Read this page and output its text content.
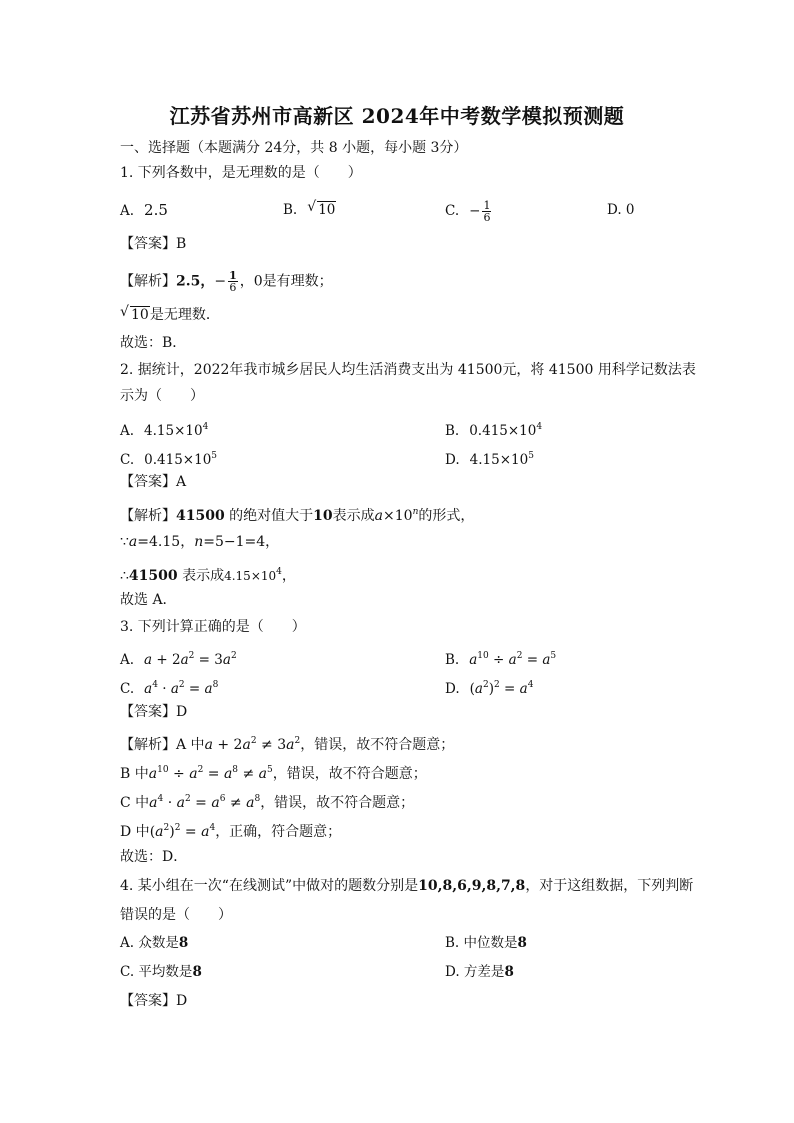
江苏省苏州市高新区 2024年中考数学模拟预测题
一、选择题（本题满分 24分，共 8 小题，每小题 3分）
1. 下列各数中，是无理数的是（　　）
A. 2.5	B. √ 10	C. − $\frac{1}{6}$	D. 0
【答案】B
【解析】2.5，− $\frac{1}{6}$ ，0是有理数；
√ 10是无理数．
故选：B．
2. 据统计，2022年我市城乡居民人均生活消费支出为 41500元，将 41500 用科学记数法表
示为（　　）
A. $4.15\times 10^4$	B. $0.415\times 10^4$
C. $0.415\times 10^5$	D. $4.15\times 10^5$
【答案】A
【解析】41500 的绝对值大于10表示成$a\times 10^n$的形式，
∵a=4.15，n=5−1=4，
∴41500 表示成$4.15\times 10^4$，
故选 A．
3. 下列计算正确的是（　　）
A. $a + 2a^2 = 3a^2$	B. $a^{10} \div a^2 = a^5$
C. $a^4 \cdot a^2 = a^8$	D. $(a^2)^2 = a^4$
【答案】D
【解析】A 中$a + 2a^2 \ne 3a^2$，错误，故不符合题意；
B 中$a^{10} \div a^2 = a^8 \ne a^5$，错误，故不符合题意；
C 中$a^4 \cdot a^2 = a^6 \ne a^8$，错误，故不符合题意；
D 中$(a^2)^2 = a^4$，正确，符合题意；
故选：D．
4. 某小组在一次“在线测试”中做对的题数分别是10,8,6,9,8,7,8，对于这组数据，下列判断
错误的是（　　）
A. 众数是8	B. 中位数是8
C. 平均数是8	D. 方差是8
【答案】D
